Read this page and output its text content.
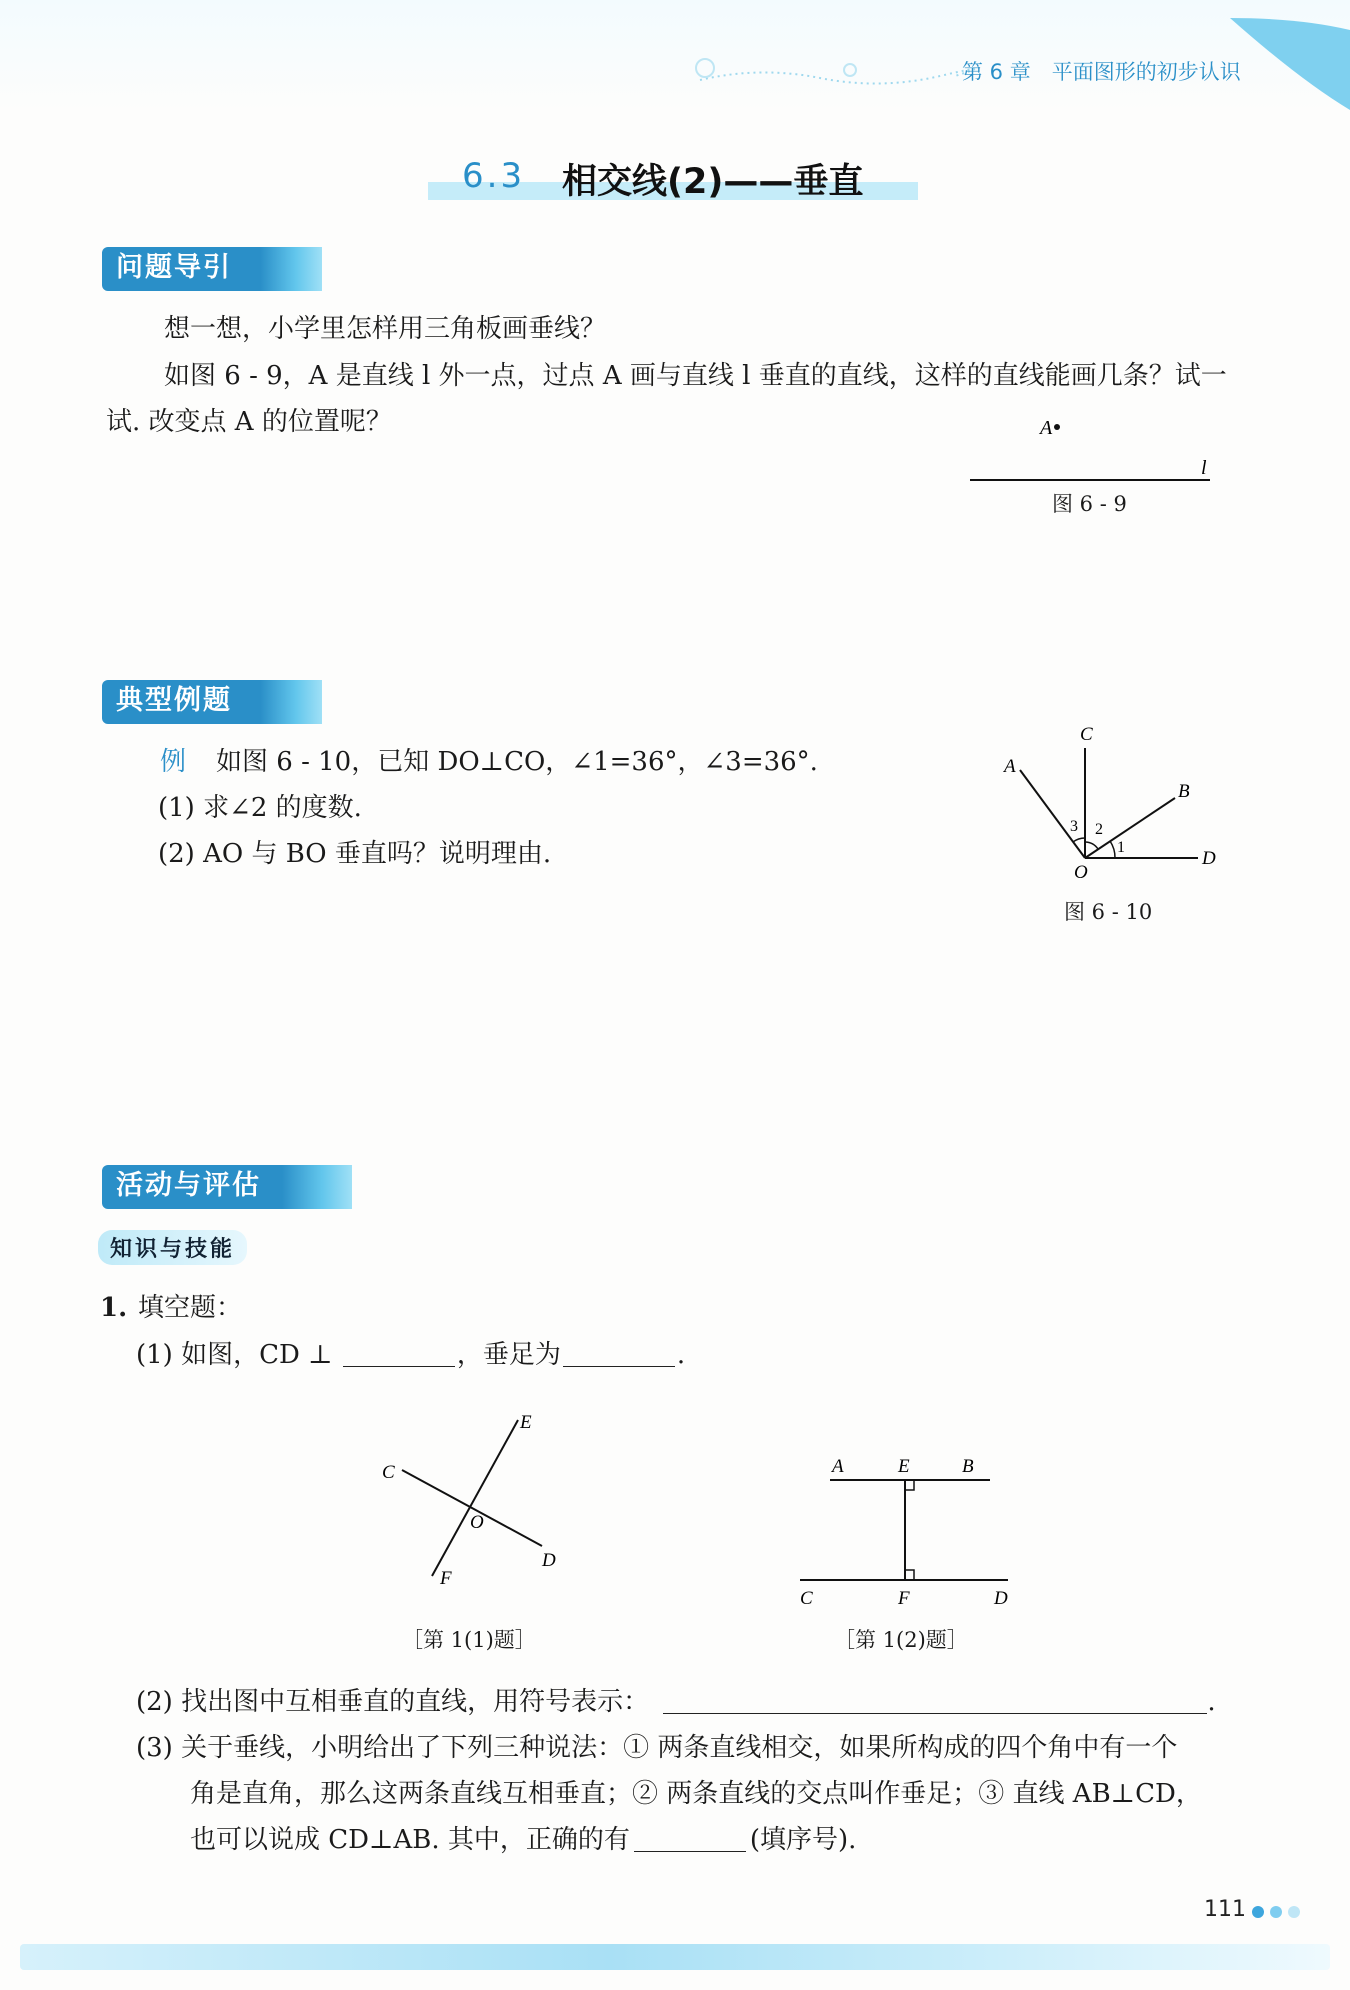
第 6 章　平面图形的初步认识
6.3 相交线(2)——垂直
问题导引
想一想，小学里怎样用三角板画垂线？
如图 6 - 9，A 是直线 l 外一点，过点 A 画与直线 l 垂直的直线，这样的直线能画几条？试一
试. 改变点 A 的位置呢？	A
l
图 6 - 9
典型例题
例 如图 6 - 10，已知 DO⊥CO，∠1=36°，∠3=36°.
(1) 求∠2 的度数.
(2) AO 与 BO 垂直吗？说明理由.
C
A
B
D
O
1
2
3
图 6 - 10
活动与评估
知识与技能
1. 填空题：
(1) 如图，CD ⊥	，垂足为	.
C
D
E
F
O
［第 1(1)题］
A	E	B
C	F	D
［第 1(2)题］
(2) 找出图中互相垂直的直线，用符号表示：	.
(3) 关于垂线，小明给出了下列三种说法：① 两条直线相交，如果所构成的四个角中有一个
角是直角，那么这两条直线互相垂直；② 两条直线的交点叫作垂足；③ 直线 AB⊥CD，
也可以说成 CD⊥AB. 其中，正确的有	(填序号).
111
